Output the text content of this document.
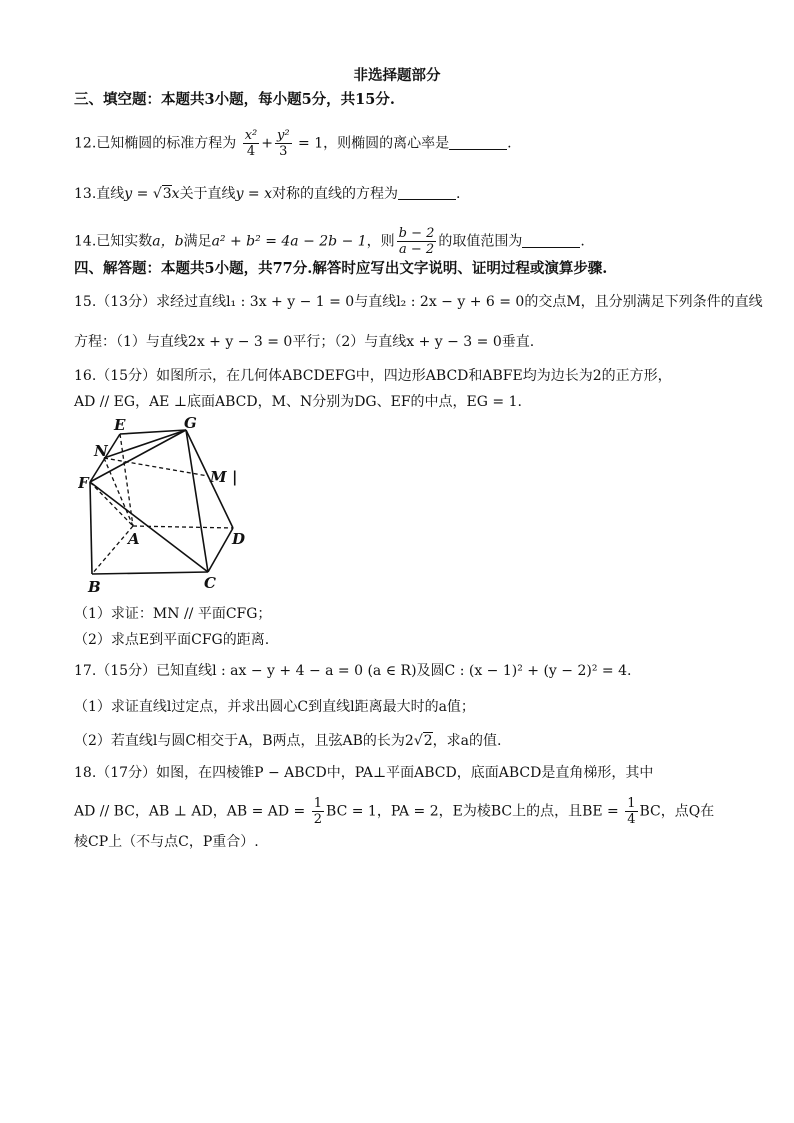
非选择题部分
三、填空题：本题共3小题，每小题5分，共15分.
12.已知椭圆的标准方程为 $\frac{\text{x²}}{4} + \frac{\text{y²}}{3} = 1$，则椭圆的离心率是	.
13.直线y = √3x关于直线y = x对称的直线的方程为	.
14.已知实数a，b满足a² + b² = 4a − 2b − 1，则 $\frac{b - 2}{a - 2}$ 的取值范围为	.
四、解答题：本题共5小题，共77分.解答时应写出文字说明、证明过程或演算步骤.
15.（13分）求经过直线l₁ : 3x + y − 1 = 0与直线l₂ : 2x − y + 6 = 0的交点M，且分别满足下列条件的直线
方程：（1）与直线2x + y − 3 = 0平行；（2）与直线x + y − 3 = 0垂直.
16.（15分）如图所示，在几何体ABCDEFG中，四边形ABCD和ABFE均为边长为2的正方形，
AD // EG，AE ⊥底面ABCD，M、N分别为DG、EF的中点，EG = 1.
E	G
N
M |
F
A	D
B	C
（1）求证：MN // 平面CFG；
（2）求点E到平面CFG的距离.
17.（15分）已知直线l : ax − y + 4 − a = 0 (a ∈ R)及圆C : (x − 1)² + (y − 2)² = 4.
（1）求证直线l过定点，并求出圆心C到直线l距离最大时的a值；
（2）若直线l与圆C相交于A，B两点，且弦AB的长为2√2，求a的值.
18.（17分）如图，在四棱锥P − ABCD中，PA⊥平面ABCD，底面ABCD是直角梯形，其中
AD // BC，AB ⊥ AD，AB = AD = $\frac{1}{2}$ BC = 1，PA = 2，E为棱BC上的点，且BE = $\frac{1}{4}$ BC，点Q在
棱CP上（不与点C，P重合）.
